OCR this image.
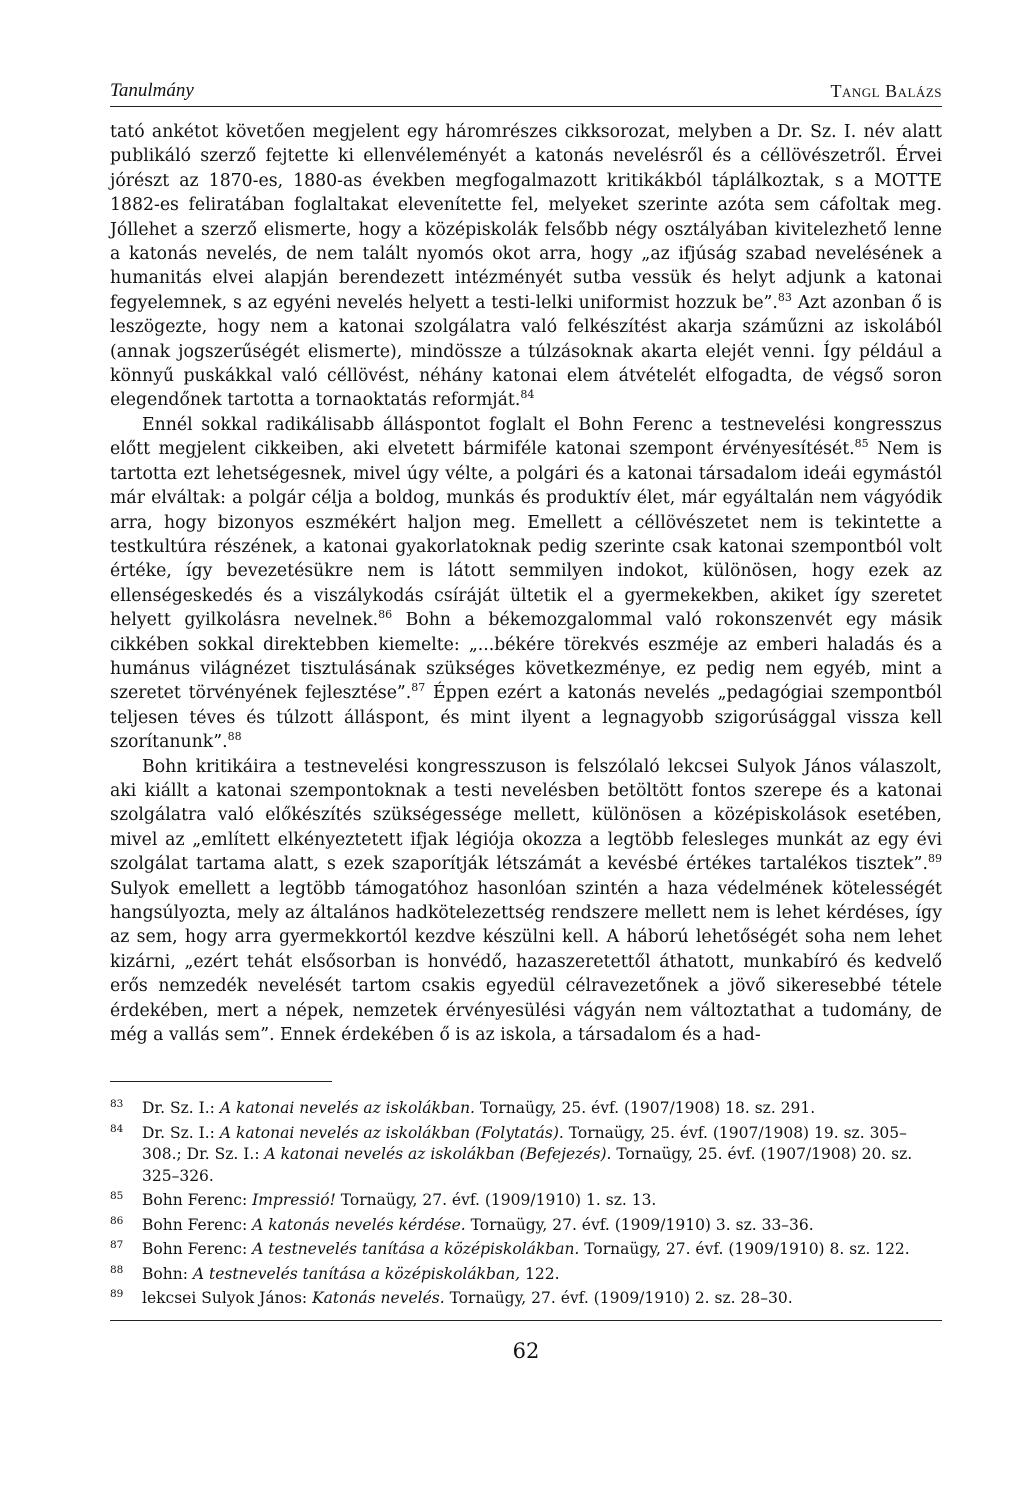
Tanulmány	Tangl Balázs

tató ankétot követően megjelent egy háromrészes cikksorozat, melyben a Dr. Sz. I. név alatt publikáló szerző fejtette ki ellenvéleményét a katonás nevelésről és a céllövészetről. Érvei jórészt az 1870-es, 1880-as években megfogalmazott kritikákból táplálkoztak, s a MOTTE 1882-es feliratában foglaltakat elevenítette fel, melyeket szerinte azóta sem cáfoltak meg. Jóllehet a szerző elismerte, hogy a középiskolák felsőbb négy osztályában kivitelezhető lenne a katonás nevelés, de nem talált nyomós okot arra, hogy „az ifjúság szabad nevelésének a humanitás elvei alapján berendezett intézményét sutba vessük és helyt adjunk a katonai fegyelemnek, s az egyéni nevelés helyett a testi-lelki uniformist hozzuk be”.$^{83}$ Azt azonban ő is leszögezte, hogy nem a katonai szolgálatra való felkészítést akarja száműzni az iskolából (annak jogszerűségét elismerte), mindössze a túlzásoknak akarta elejét venni. Így például a könnyű puskákkal való céllövést, néhány katonai elem átvételét elfogadta, de végső soron elegendőnek tartotta a tornaoktatás reformját.$^{84}$

Ennél sokkal radikálisabb álláspontot foglalt el Bohn Ferenc a testnevelési kongresszus előtt megjelent cikkeiben, aki elvetett bármiféle katonai szempont érvényesítését.$^{85}$ Nem is tartotta ezt lehetségesnek, mivel úgy vélte, a polgári és a katonai társadalom ideái egymástól már elváltak: a polgár célja a boldog, munkás és produktív élet, már egyáltalán nem vágyódik arra, hogy bizonyos eszmékért haljon meg. Emellett a céllövészetet nem is tekintette a testkultúra részének, a katonai gyakorlatoknak pedig szerinte csak katonai szempontból volt értéke, így bevezetésükre nem is látott semmilyen indokot, különösen, hogy ezek az ellenségeskedés és a viszálykodás csíráját ültetik el a gyermekekben, akiket így szeretet helyett gyilkolásra nevelnek.$^{86}$ Bohn a békemozgalommal való rokonszenvét egy másik cikkében sokkal direktebben kiemelte: „...békére törekvés eszméje az emberi haladás és a humánus világnézet tisztulásának szükséges következménye, ez pedig nem egyéb, mint a szeretet törvényének fejlesztése”.$^{87}$ Éppen ezért a katonás nevelés „pedagógiai szempontból teljesen téves és túlzott álláspont, és mint ilyent a legnagyobb szigorúsággal vissza kell szorítanunk”.$^{88}$

Bohn kritikáira a testnevelési kongresszuson is felszólaló lekcsei Sulyok János válaszolt, aki kiállt a katonai szempontoknak a testi nevelésben betöltött fontos szerepe és a katonai szolgálatra való előkészítés szükségessége mellett, különösen a középiskolások esetében, mivel az „említett elkényeztetett ifjak légiója okozza a legtöbb felesleges munkát az egy évi szolgálat tartama alatt, s ezek szaporítják létszámát a kevésbé értékes tartalékos tisztek”.$^{89}$ Sulyok emellett a legtöbb támogatóhoz hasonlóan szintén a haza védelmének kötelességét hangsúlyozta, mely az általános hadkötelezettség rendszere mellett nem is lehet kérdéses, így az sem, hogy arra gyermekkortól kezdve készülni kell. A háború lehetőségét soha nem lehet kizárni, „ezért tehát elsősorban is honvédő, hazaszeretettől áthatott, munkabíró és kedvelő erős nemzedék nevelését tartom csakis egyedül célravezetőnek a jövő sikeresebbé tétele érdekében, mert a népek, nemzetek érvényesülési vágyán nem változtathat a tudomány, de még a vallás sem”. Ennek érdekében ő is az iskola, a társadalom és a had-

83	Dr. Sz. I.: A katonai nevelés az iskolákban. Tornaügy, 25. évf. (1907/1908) 18. sz. 291.
84	Dr. Sz. I.: A katonai nevelés az iskolákban (Folytatás). Tornaügy, 25. évf. (1907/1908) 19. sz. 305–308.; Dr. Sz. I.: A katonai nevelés az iskolákban (Befejezés). Tornaügy, 25. évf. (1907/1908) 20. sz. 325–326.
85	Bohn Ferenc: Impressió! Tornaügy, 27. évf. (1909/1910) 1. sz. 13.
86	Bohn Ferenc: A katonás nevelés kérdése. Tornaügy, 27. évf. (1909/1910) 3. sz. 33–36.
87	Bohn Ferenc: A testnevelés tanítása a középiskolákban. Tornaügy, 27. évf. (1909/1910) 8. sz. 122.
88	Bohn: A testnevelés tanítása a középiskolákban, 122.
89	lekcsei Sulyok János: Katonás nevelés. Tornaügy, 27. évf. (1909/1910) 2. sz. 28–30.
62
